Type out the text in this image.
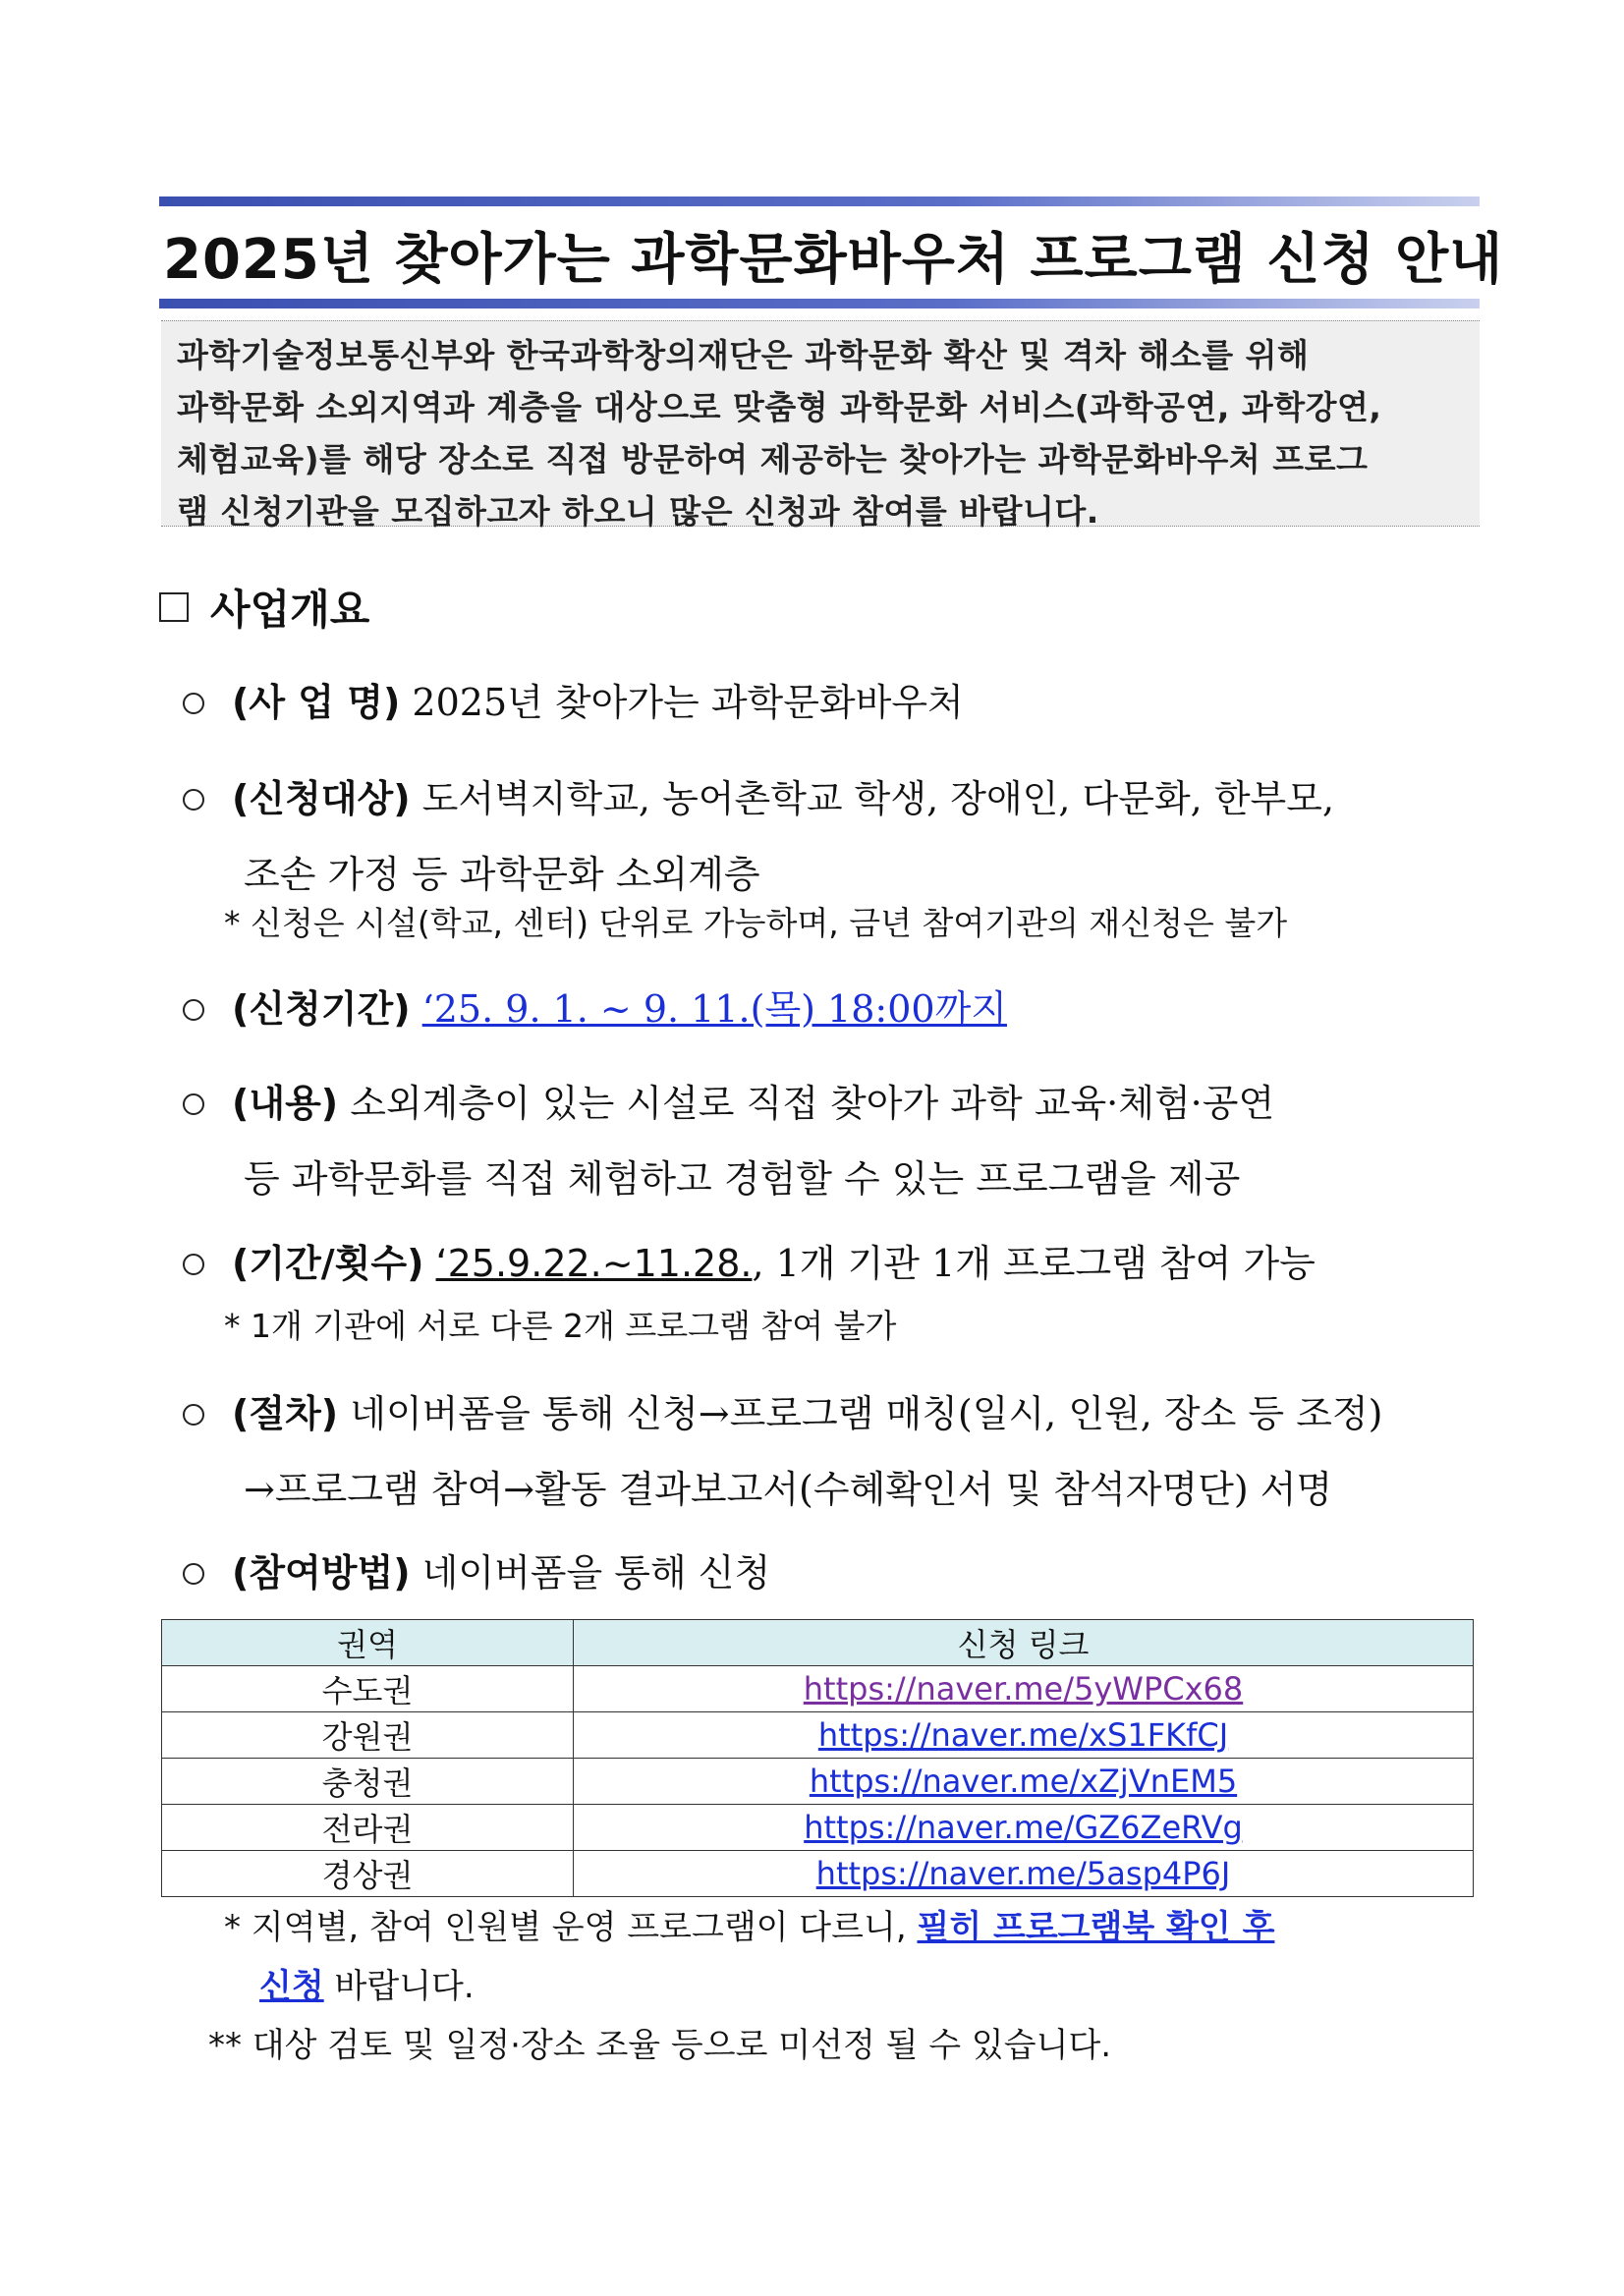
2025년 찾아가는 과학문화바우처 프로그램 신청 안내

과학기술정보통신부와 한국과학창의재단은 과학문화 확산 및 격차 해소를 위해

과학문화 소외지역과 계층을 대상으로 맞춤형 과학문화 서비스(과학공연, 과학강연,

체험교육)를 해당 장소로 직접 방문하여 제공하는 찾아가는 과학문화바우처 프로그

램 신청기관을 모집하고자 하오니 많은 신청과 참여를 바랍니다.

사업개요
(사 업 명) 2025년 찾아가는 과학문화바우처
(신청대상) 도서벽지학교, 농어촌학교 학생, 장애인, 다문화, 한부모,
조손 가정 등 과학문화 소외계층
* 신청은 시설(학교, 센터) 단위로 가능하며, 금년 참여기관의 재신청은 불가
(신청기간) ‘25. 9. 1. ~ 9. 11.(목) 18:00까지
(내용) 소외계층이 있는 시설로 직접 찾아가 과학 교육·체험·공연
등 과학문화를 직접 체험하고 경험할 수 있는 프로그램을 제공
(기간/횟수) ‘25.9.22.~11.28., 1개 기관 1개 프로그램 참여 가능
* 1개 기관에 서로 다른 2개 프로그램 참여 불가
(절차) 네이버폼을 통해 신청→프로그램 매칭(일시, 인원, 장소 등 조정)
→프로그램 참여→활동 결과보고서(수혜확인서 및 참석자명단) 서명
(참여방법) 네이버폼을 통해 신청
권역	신청 링크
수도권	https://naver.me/5yWPCx68
강원권	https://naver.me/xS1FKfCJ
충청권	https://naver.me/xZjVnEM5
전라권	https://naver.me/GZ6ZeRVg
경상권	https://naver.me/5asp4P6J
* 지역별, 참여 인원별 운영 프로그램이 다르니, 필히 프로그램북 확인 후
신청 바랍니다.
** 대상 검토 및 일정·장소 조율 등으로 미선정 될 수 있습니다.
